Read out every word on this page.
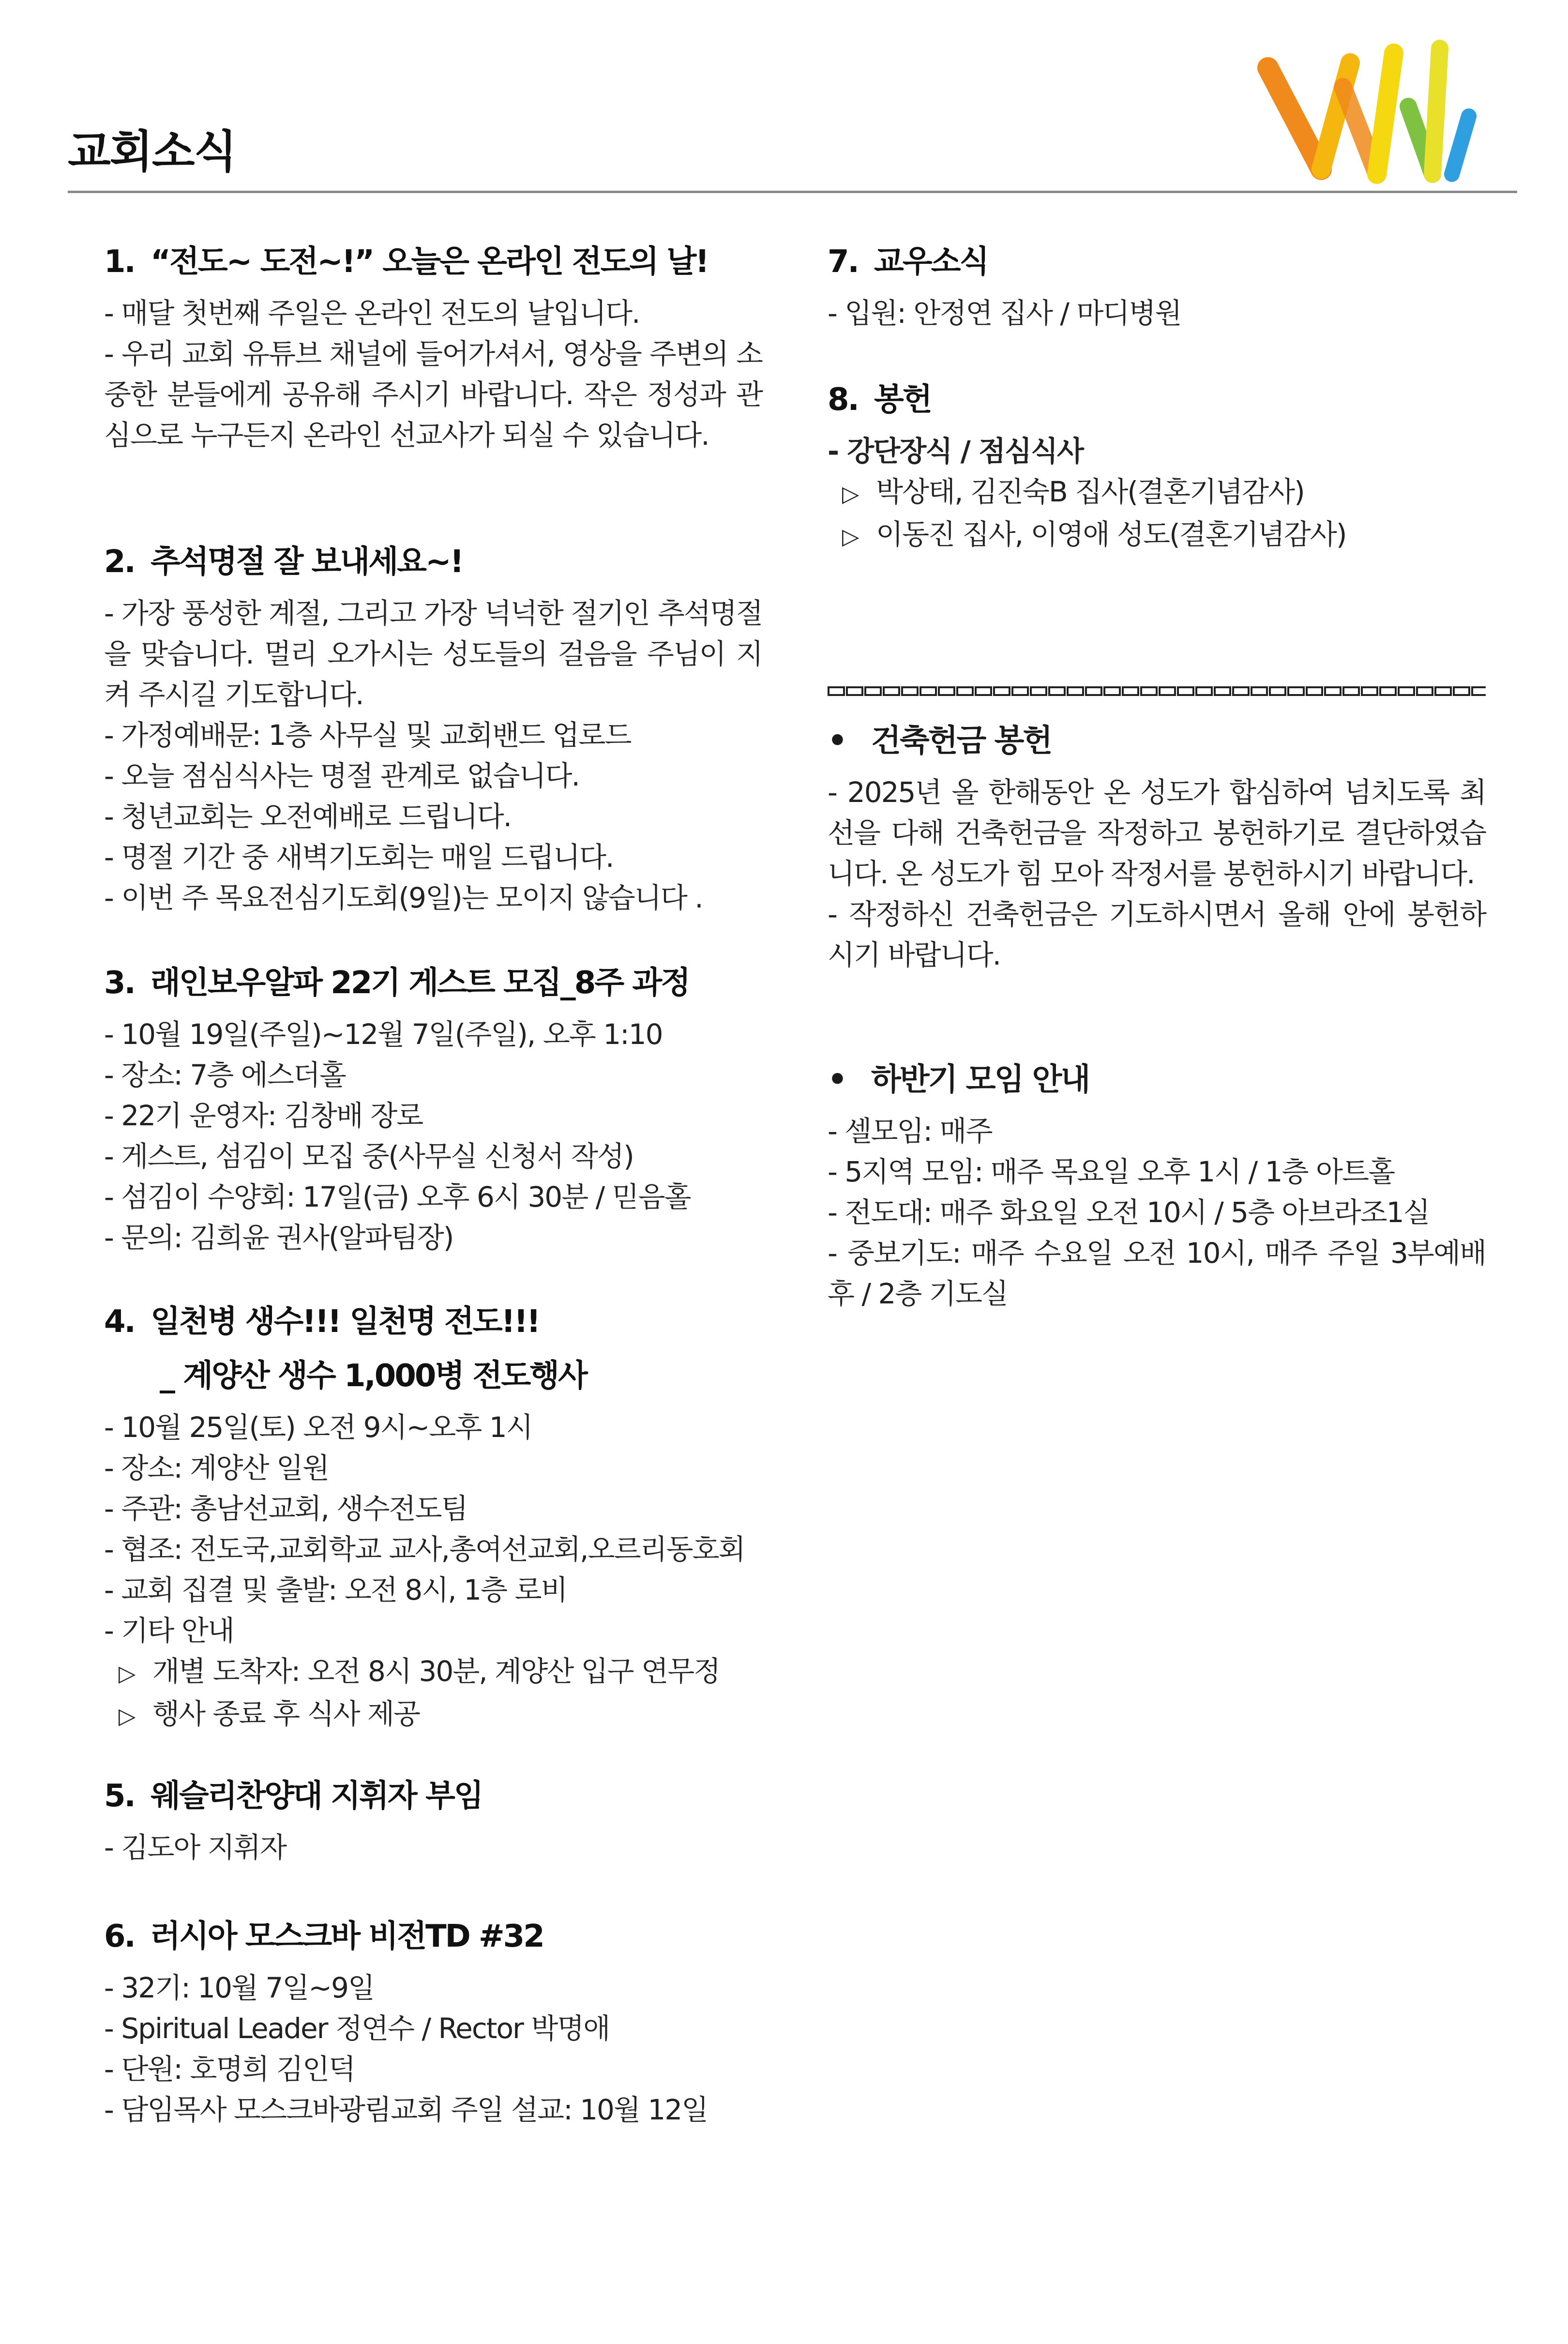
교회소식
1. “전도~ 도전~!” 오늘은 온라인 전도의 날!
- 매달 첫번째 주일은 온라인 전도의 날입니다.
- 우리 교회 유튜브 채널에 들어가셔서, 영상을 주변의 소중한 분들에게 공유해 주시기 바랍니다. 작은 정성과 관심으로 누구든지 온라인 선교사가 되실 수 있습니다.
2. 추석명절 잘 보내세요~!
- 가장 풍성한 계절, 그리고 가장 넉넉한 절기인 추석명절을 맞습니다. 멀리 오가시는 성도들의 걸음을 주님이 지켜 주시길 기도합니다.
- 가정예배문: 1층 사무실 및 교회밴드 업로드
- 오늘 점심식사는 명절 관계로 없습니다.
- 청년교회는 오전예배로 드립니다.
- 명절 기간 중 새벽기도회는 매일 드립니다.
- 이번 주 목요전심기도회(9일)는 모이지 않습니다 .
3. 래인보우알파 22기 게스트 모집_8주 과정
- 10월 19일(주일)~12월 7일(주일), 오후 1:10
- 장소: 7층 에스더홀
- 22기 운영자: 김창배 장로
- 게스트, 섬김이 모집 중(사무실 신청서 작성)
- 섬김이 수양회: 17일(금) 오후 6시 30분 / 믿음홀
- 문의: 김희윤 권사(알파팀장)
4. 일천병 생수!!! 일천명 전도!!!
_ 계양산 생수 1,000병 전도행사
- 10월 25일(토) 오전 9시~오후 1시
- 장소: 계양산 일원
- 주관: 총남선교회, 생수전도팀
- 협조: 전도국,교회학교 교사,총여선교회,오르리동호회
- 교회 집결 및 출발: 오전 8시, 1층 로비
- 기타 안내
▷ 개별 도착자: 오전 8시 30분, 계양산 입구 연무정
▷ 행사 종료 후 식사 제공
5. 웨슬리찬양대 지휘자 부임
- 김도아 지휘자
6. 러시아 모스크바 비전TD #32
- 32기: 10월 7일~9일
- Spiritual Leader 정연수 / Rector 박명애
- 단원: 호명희 김인덕
- 담임목사 모스크바광림교회 주일 설교: 10월 12일
7. 교우소식
- 입원: 안정연 집사 / 마디병원
8. 봉헌
- 강단장식 / 점심식사
▷ 박상태, 김진숙B 집사(결혼기념감사)
▷ 이동진 집사, 이영애 성도(결혼기념감사)
• 건축헌금 봉헌
- 2025년 올 한해동안 온 성도가 합심하여 넘치도록 최선을 다해 건축헌금을 작정하고 봉헌하기로 결단하였습니다. 온 성도가 힘 모아 작정서를 봉헌하시기 바랍니다.
- 작정하신 건축헌금은 기도하시면서 올해 안에 봉헌하시기 바랍니다.
• 하반기 모임 안내
- 셀모임: 매주
- 5지역 모임: 매주 목요일 오후 1시 / 1층 아트홀
- 전도대: 매주 화요일 오전 10시 / 5층 아브라조1실
- 중보기도: 매주 수요일 오전 10시, 매주 주일 3부예배 후 / 2층 기도실
